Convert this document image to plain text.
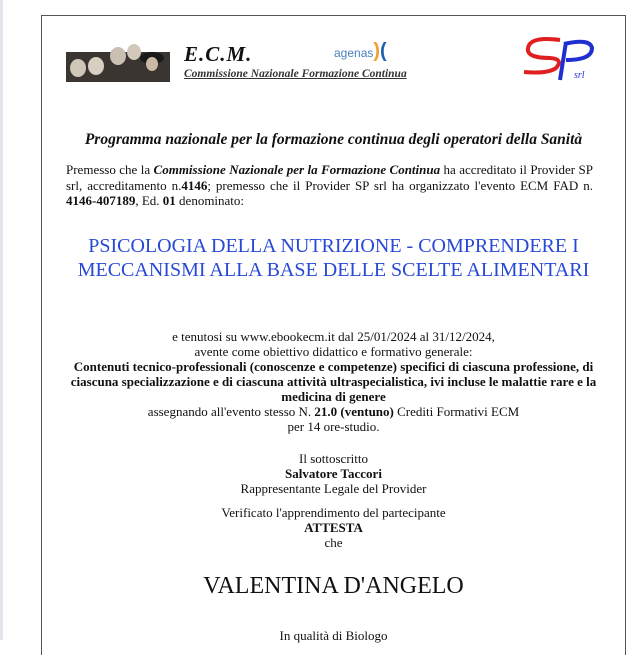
E.C.M.
Commissione Nazionale Formazione Continua
agenas)(
srl
Programma nazionale per la formazione continua degli operatori della Sanità
Premesso che la Commissione Nazionale per la Formazione Continua ha accreditato il Provider SP srl, accreditamento n.4146; premesso che il Provider SP srl ha organizzato l'evento ECM FAD n. 4146-407189, Ed. 01 denominato:
PSICOLOGIA DELLA NUTRIZIONE - COMPRENDERE I MECCANISMI ALLA BASE DELLE SCELTE ALIMENTARI
e tenutosi su www.ebookecm.it dal 25/01/2024 al 31/12/2024,
avente come obiettivo didattico e formativo generale:
Contenuti tecnico-professionali (conoscenze e competenze) specifici di ciascuna professione, di ciascuna specializzazione e di ciascuna attività ultraspecialistica, ivi incluse le malattie rare e la medicina di genere
assegnando all'evento stesso N. 21.0 (ventuno) Crediti Formativi ECM
per 14 ore-studio.
Il sottoscritto
Salvatore Taccori
Rappresentante Legale del Provider
Verificato l'apprendimento del partecipante
ATTESTA
che
VALENTINA D'ANGELO
In qualità di Biologo
